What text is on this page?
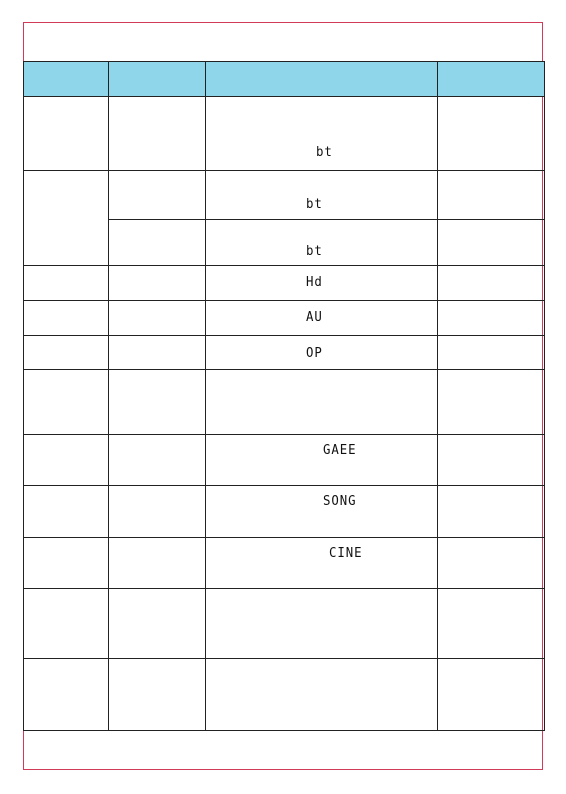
bt
bt
bt
Hd
AU
OP
GAEE
SONG
CINE
